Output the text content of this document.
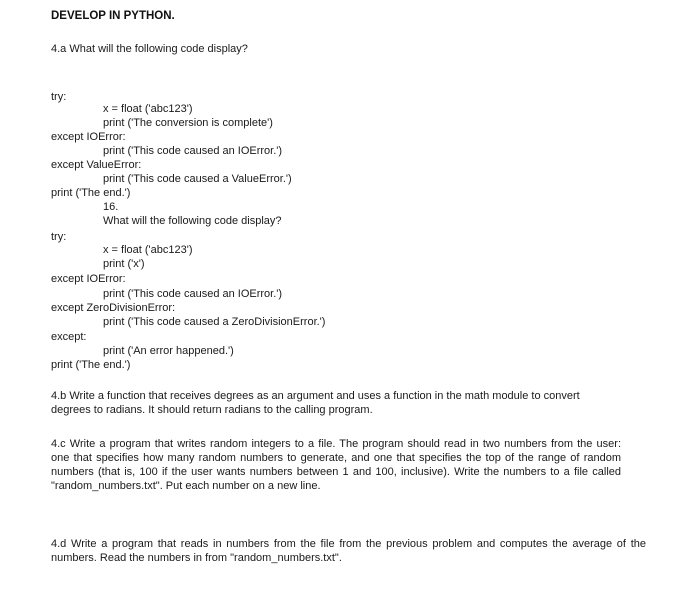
DEVELOP IN PYTHON.
4.a What will the following code display?
try:
x = float ('abc123')
print ('The conversion is complete')
except IOError:
print ('This code caused an IOError.')
except ValueError:
print ('This code caused a ValueError.')
print ('The end.')
16.
What will the following code display?
try:
x = float ('abc123')
print ('x')
except IOError:
print ('This code caused an IOError.')
except ZeroDivisionError:
print ('This code caused a ZeroDivisionError.')
except:
print ('An error happened.')
print ('The end.')
4.b Write a function that receives degrees as an argument and uses a function in the math module to convert degrees to radians. It should return radians to the calling program.
4.c Write a program that writes random integers to a file. The program should read in two numbers from the user: one that specifies how many random numbers to generate, and one that specifies the top of the range of random numbers (that is, 100 if the user wants numbers between 1 and 100, inclusive). Write the numbers to a file called "random_numbers.txt". Put each number on a new line.
4.d Write a program that reads in numbers from the file from the previous problem and computes the average of the numbers. Read the numbers in from "random_numbers.txt".
